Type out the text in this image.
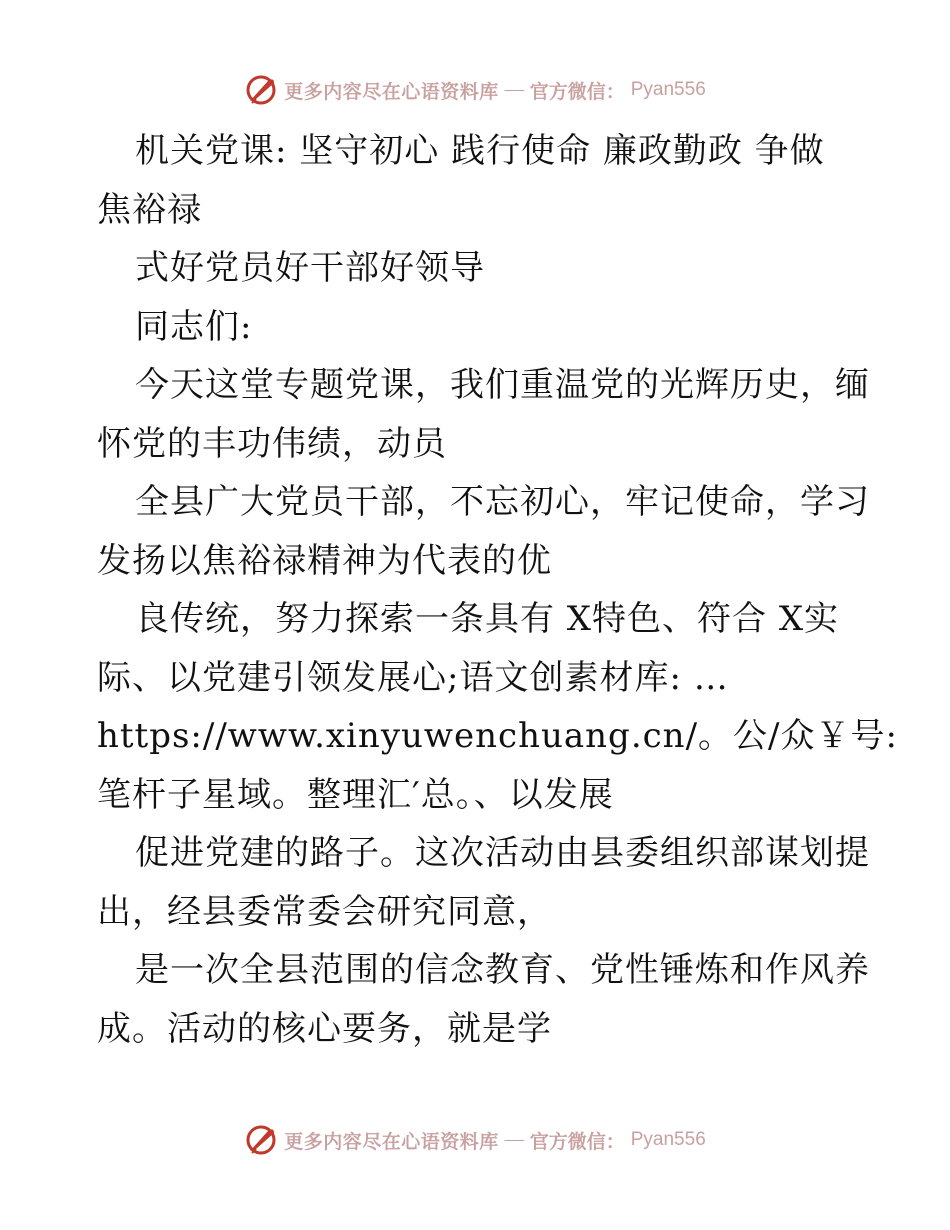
更多内容尽在心语资料库 — 官方微信： Pyan556

机关党课: 坚守初心 践行使命 廉政勤政 争做

焦裕禄

式好党员好干部好领导

同志们:

今天这堂专题党课，我们重温党的光辉历史，缅

怀党的丰功伟绩，动员

全县广大党员干部，不忘初心，牢记使命，学习

发扬以焦裕禄精神为代表的优

良传统，努力探索一条具有 X特色、符合 X实

际、以党建引领发展心;语文创素材库: …

https://www.xinyuwenchuang.cn/。公/众￥号:

笔杆子星域。整理汇′总。、以发展

促进党建的路子。这次活动由县委组织部谋划提

出，经县委常委会研究同意，

是一次全县范围的信念教育、党性锤炼和作风养

成。活动的核心要务，就是学

更多内容尽在心语资料库 — 官方微信： Pyan556
